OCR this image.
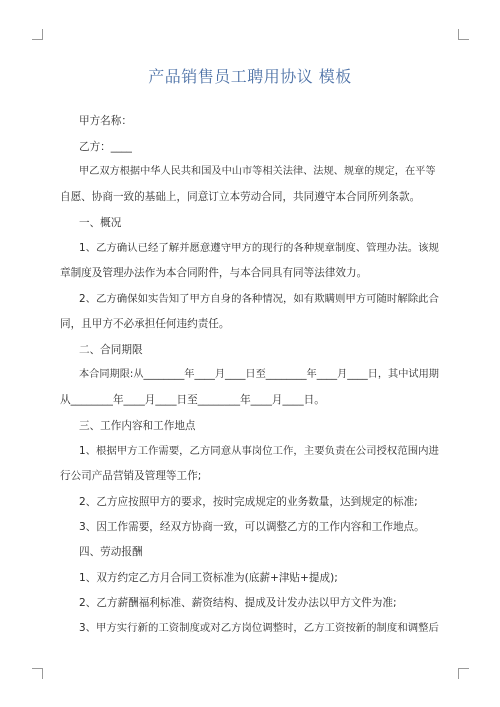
产品销售员工聘用协议 模板
甲方名称：
乙方：____
甲乙双方根据中华人民共和国及中山市等相关法律、法规、规章的规定，在平等
自愿、协商一致的基础上，同意订立本劳动合同，共同遵守本合同所列条款。
一、概况
1、乙方确认已经了解并愿意遵守甲方的现行的各种规章制度、管理办法。该规
章制度及管理办法作为本合同附件，与本合同具有同等法律效力。
2、乙方确保如实告知了甲方自身的各种情况，如有欺瞒则甲方可随时解除此合
同，且甲方不必承担任何违约责任。
二、合同期限
本合同期限:从________年____月____日至________年____月____日，其中试用期
从________年____月____日至________年____月____日。
三、工作内容和工作地点
1、根据甲方工作需要，乙方同意从事岗位工作，主要负责在公司授权范围内进
行公司产品营销及管理等工作;
2、乙方应按照甲方的要求，按时完成规定的业务数量，达到规定的标准;
3、因工作需要，经双方协商一致，可以调整乙方的工作内容和工作地点。
四、劳动报酬
1、双方约定乙方月合同工资标准为(底薪+津贴+提成);
2、乙方薪酬福利标准、薪资结构、提成及计发办法以甲方文件为准;
3、甲方实行新的工资制度或对乙方岗位调整时，乙方工资按新的制度和调整后
